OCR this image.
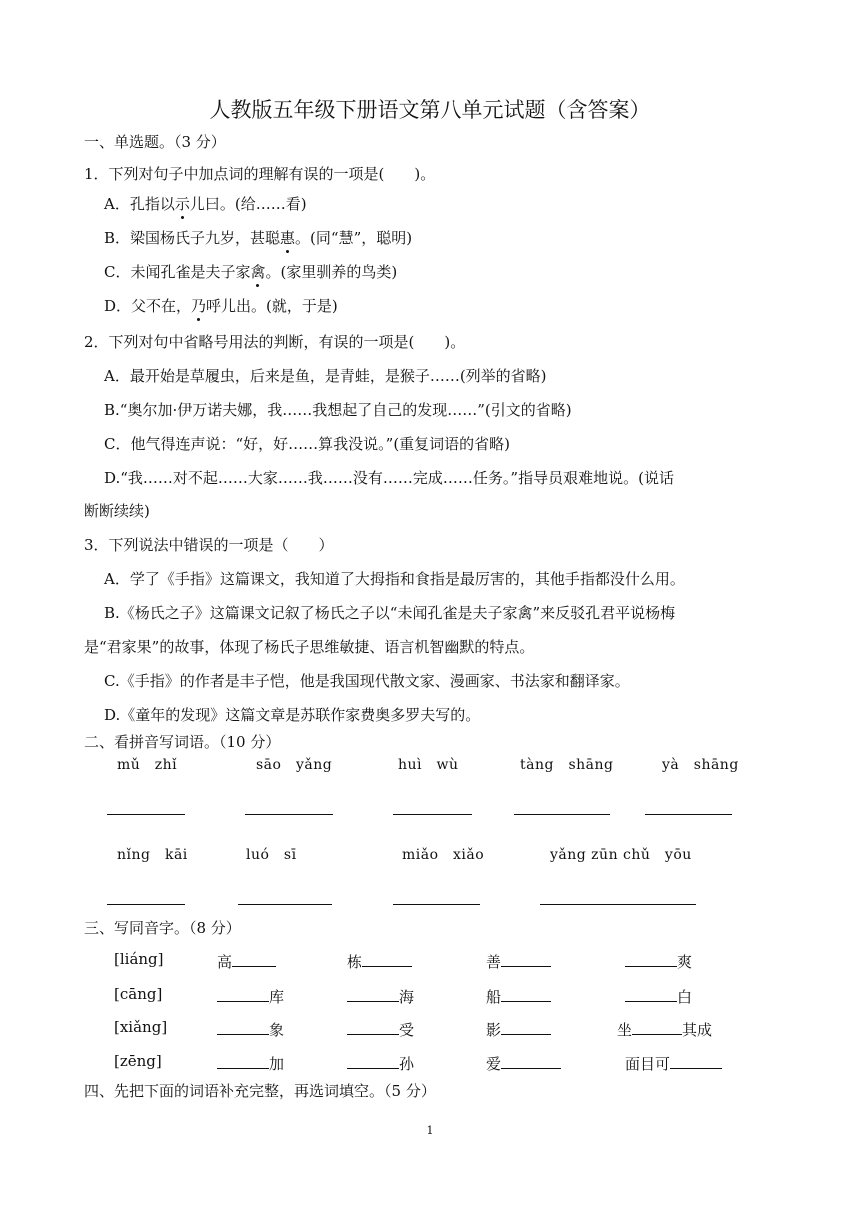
人教版五年级下册语文第八单元试题（含答案）
一、单选题。（3 分）
1．下列对句子中加点词的理解有误的一项是(　　)。
A．孔指以示儿曰。(给……看)
B．梁国杨氏子九岁，甚聪惠。(同“慧”，聪明)
C．未闻孔雀是夫子家禽。(家里驯养的鸟类)
D．父不在，乃呼儿出。(就，于是)
2．下列对句中省略号用法的判断，有误的一项是(　　)。
A．最开始是草履虫，后来是鱼，是青蛙，是猴子……(列举的省略)
B.“奥尔加·伊万诺夫娜，我……我想起了自己的发现……”(引文的省略)
C．他气得连声说：“好，好……算我没说。”(重复词语的省略)
D.“我……对不起……大家……我……没有……完成……任务。”指导员艰难地说。(说话
断断续续)
3．下列说法中错误的一项是（　　）
A．学了《手指》这篇课文，我知道了大拇指和食指是最厉害的，其他手指都没什么用。
B.《杨氏之子》这篇课文记叙了杨氏之子以“未闻孔雀是夫子家禽”来反驳孔君平说杨梅
是“君家果”的故事，体现了杨氏子思维敏捷、语言机智幽默的特点。
C.《手指》的作者是丰子恺，他是我国现代散文家、漫画家、书法家和翻译家。
D.《童年的发现》这篇文章是苏联作家费奥多罗夫写的。
二、看拼音写词语。（10 分）
mǔ　zhǐ	sāo　yǎng	huì　wù	tàng　shāng	yà　shāng
nǐng　kāi	luó　sī	miǎo　xiǎo	yǎng zūn chǔ　yōu
三、写同音字。（8 分）
[liáng]	高	栋	善	爽
[cāng]	库	海	船	白
[xiǎng]	象	受	影	坐	其成
[zēng]	加	孙	爱	面目可
四、先把下面的词语补充完整，再选词填空。（5 分）
1
